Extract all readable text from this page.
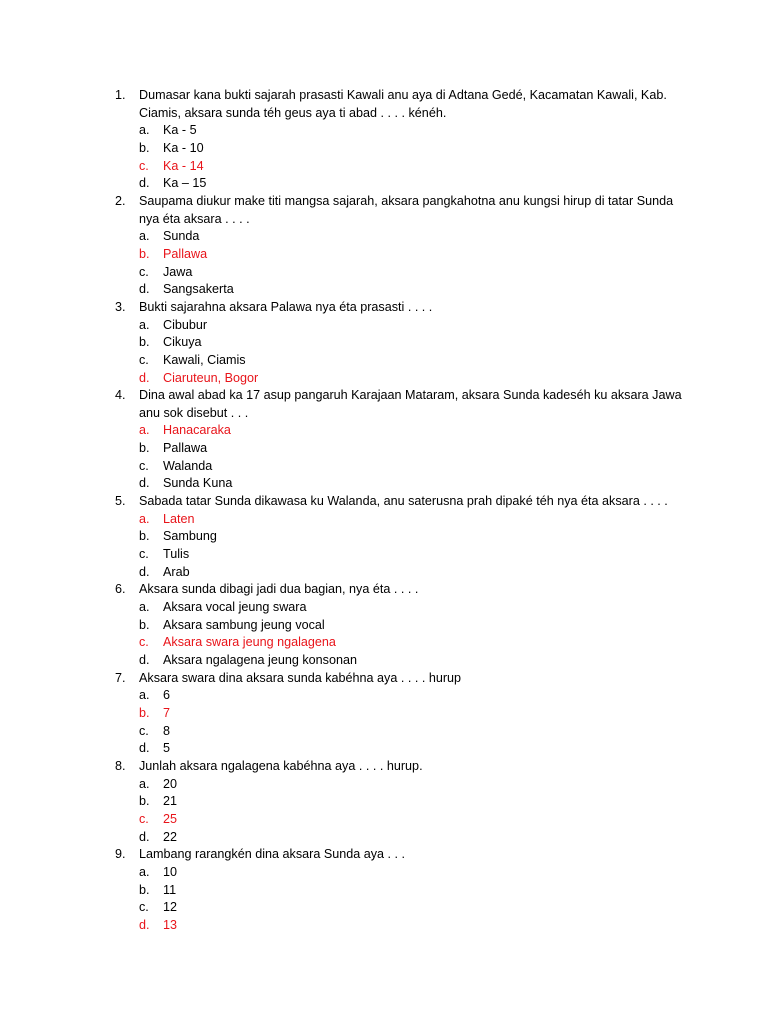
1. Dumasar kana bukti sajarah prasasti Kawali anu aya di Adtana Gedé, Kacamatan Kawali, Kab. Ciamis, aksara sunda téh geus aya ti abad . . . . kénéh.
a. Ka - 5
b. Ka - 10
c. Ka - 14
d. Ka – 15
2. Saupama diukur make titi mangsa sajarah, aksara pangkahotna anu kungsi hirup di tatar Sunda nya éta aksara . . . .
a. Sunda
b. Pallawa
c. Jawa
d. Sangsakerta
3. Bukti sajarahna aksara Palawa nya éta prasasti . . . .
a. Cibubur
b. Cikuya
c. Kawali, Ciamis
d. Ciaruteun, Bogor
4. Dina awal abad ka 17 asup pangaruh Karajaan Mataram, aksara Sunda kadeséh ku aksara Jawa anu sok disebut . . .
a. Hanacaraka
b. Pallawa
c. Walanda
d. Sunda Kuna
5. Sabada tatar Sunda dikawasa ku Walanda, anu saterusna prah dipaké téh nya éta aksara . . . .
a. Laten
b. Sambung
c. Tulis
d. Arab
6. Aksara sunda dibagi jadi dua bagian, nya éta . . . .
a. Aksara vocal jeung swara
b. Aksara sambung jeung vocal
c. Aksara swara jeung ngalagena
d. Aksara ngalagena jeung konsonan
7. Aksara swara dina aksara sunda kabéhna aya . . . . hurup
a. 6
b. 7
c. 8
d. 5
8. Junlah aksara ngalagena kabéhna aya . . . . hurup.
a. 20
b. 21
c. 25
d. 22
9. Lambang rarangkén dina aksara Sunda aya . . .
a. 10
b. 11
c. 12
d. 13
